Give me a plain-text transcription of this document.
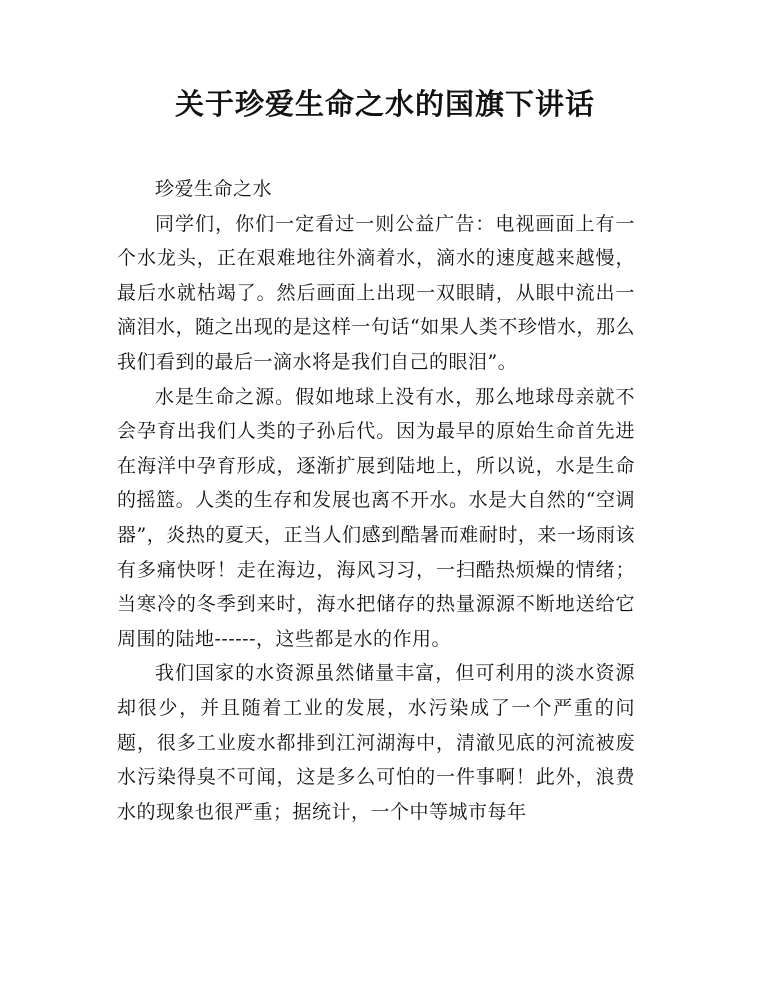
关于珍爱生命之水的国旗下讲话

珍爱生命之水

同学们，你们一定看过一则公益广告：电视画面上有一个水龙头，正在艰难地往外滴着水，滴水的速度越来越慢，最后水就枯竭了。然后画面上出现一双眼睛，从眼中流出一滴泪水，随之出现的是这样一句话“如果人类不珍惜水，那么我们看到的最后一滴水将是我们自己的眼泪”。

水是生命之源。假如地球上没有水，那么地球母亲就不会孕育出我们人类的子孙后代。因为最早的原始生命首先进在海洋中孕育形成，逐渐扩展到陆地上，所以说，水是生命的摇篮。人类的生存和发展也离不开水。水是大自然的“空调器”，炎热的夏天，正当人们感到酷暑而难耐时，来一场雨该有多痛快呀！走在海边，海风习习，一扫酷热烦燥的情绪；当寒冷的冬季到来时，海水把储存的热量源源不断地送给它周围的陆地------，这些都是水的作用。

我们国家的水资源虽然储量丰富，但可利用的淡水资源却很少，并且随着工业的发展，水污染成了一个严重的问题，很多工业废水都排到江河湖海中，清澈见底的河流被废水污染得臭不可闻，这是多么可怕的一件事啊！此外，浪费水的现象也很严重；据统计，一个中等城市每年
